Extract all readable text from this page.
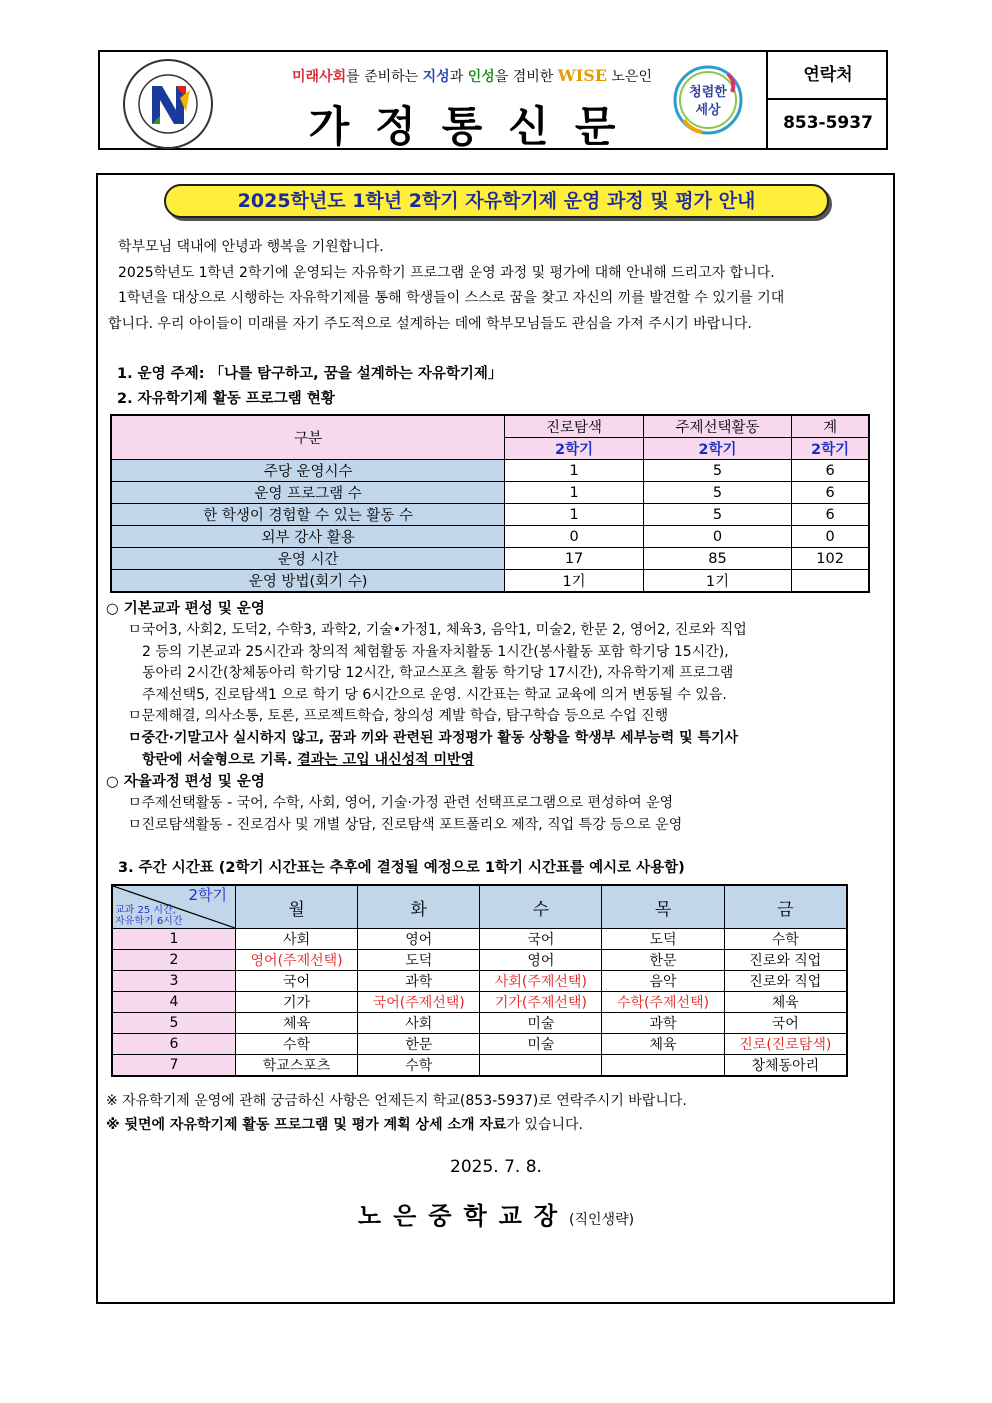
미래사회를 준비하는 지성과 인성을 겸비한 WISE 노은인
가정통신문
청렴한
세상
연락처
853-5937
2025학년도 1학년 2학기 자유학기제 운영 과정 및 평가 안내
학부모님 댁내에 안녕과 행복을 기원합니다.
2025학년도 1학년 2학기에 운영되는 자유학기 프로그램 운영 과정 및 평가에 대해 안내해 드리고자 합니다.
1학년을 대상으로 시행하는 자유학기제를 통해 학생들이 스스로 꿈을 찾고 자신의 끼를 발견할 수 있기를 기대
합니다. 우리 아이들이 미래를 자기 주도적으로 설계하는 데에 학부모님들도 관심을 가져 주시기 바랍니다.
1. 운영 주제: 「나를 탐구하고, 꿈을 설계하는 자유학기제」
2. 자유학기제 활동 프로그램 현황
구분	진로탐색	주제선택활동	계
	2학기	2학기	2학기
주당 운영시수	1	5	6
운영 프로그램 수	1	5	6
한 학생이 경험할 수 있는 활동 수	1	5	6
외부 강사 활용	0	0	0
운영 시간	17	85	102
운영 방법(회기 수)	1기	1기	
○ 기본교과 편성 및 운영
ㅁ국어3, 사회2, 도덕2, 수학3, 과학2, 기술•가정1, 체육3, 음악1, 미술2, 한문 2, 영어2, 진로와 직업
2 등의 기본교과 25시간과 창의적 체험활동 자율자치활동 1시간(봉사활동 포함 학기당 15시간),
동아리 2시간(창체동아리 학기당 12시간, 학교스포츠 활동 학기당 17시간), 자유학기제 프로그램
주제선택5, 진로탐색1 으로 학기 당 6시간으로 운영. 시간표는 학교 교육에 의거 변동될 수 있음.
ㅁ문제해결, 의사소통, 토론, 프로젝트학습, 창의성 계발 학습, 탐구학습 등으로 수업 진행
ㅁ중간·기말고사 실시하지 않고, 꿈과 끼와 관련된 과정평가 활동 상황을 학생부 세부능력 및 특기사
항란에 서술형으로 기록. 결과는 고입 내신성적 미반영
○ 자율과정 편성 및 운영
ㅁ주제선택활동 - 국어, 수학, 사회, 영어, 기술·가정 관련 선택프로그램으로 편성하여 운영
ㅁ진로탐색활동 - 진로검사 및 개별 상담, 진로탐색 포트폴리오 제작, 직업 특강 등으로 운영
3. 주간 시간표 (2학기 시간표는 추후에 결정될 예정으로 1학기 시간표를 예시로 사용함)
2학기
교과 25 시간,
자유학기 6시간	월	화	수	목	금
1	사회	영어	국어	도덕	수학
2	영어(주제선택)	도덕	영어	한문	진로와 직업
3	국어	과학	사회(주제선택)	음악	진로와 직업
4	기가	국어(주제선택)	기가(주제선택)	수학(주제선택)	체육
5	체육	사회	미술	과학	국어
6	수학	한문	미술	체육	진로(진로탐색)
7	학교스포츠	수학			창체동아리
※ 자유학기제 운영에 관해 궁금하신 사항은 언제든지 학교(853-5937)로 연락주시기 바랍니다.
※ 뒷면에 자유학기제 활동 프로그램 및 평가 계획 상세 소개 자료가 있습니다.
2025. 7. 8.
노은중학교장(직인생략)
